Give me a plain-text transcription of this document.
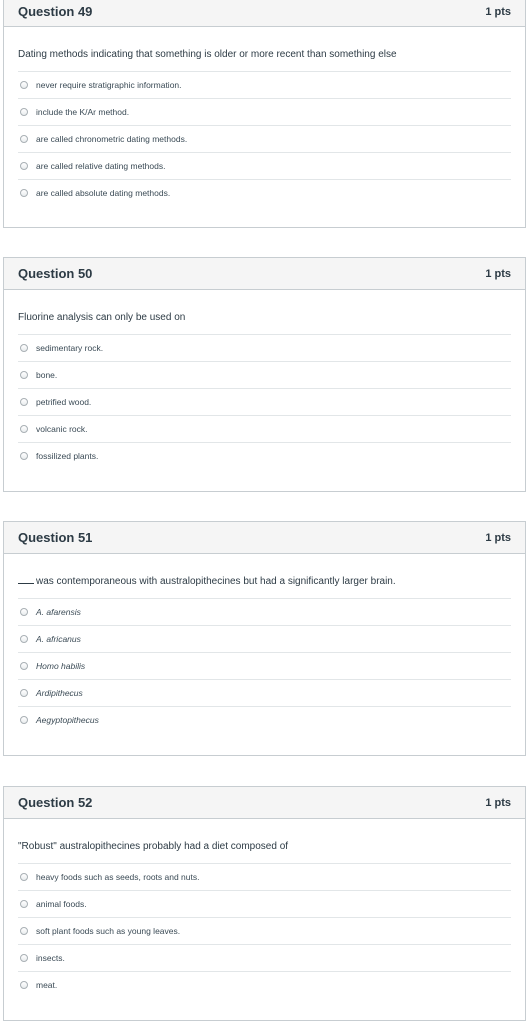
Question 49	1 pts
Dating methods indicating that something is older or more recent than something else
never require stratigraphic information.
include the K/Ar method.
are called chronometric dating methods.
are called relative dating methods.
are called absolute dating methods.
Question 50	1 pts
Fluorine analysis can only be used on
sedimentary rock.
bone.
petrified wood.
volcanic rock.
fossilized plants.
Question 51	1 pts
was contemporaneous with australopithecines but had a significantly larger brain.
A. afarensis
A. africanus
Homo habilis
Ardipithecus
Aegyptopithecus
Question 52	1 pts
"Robust" australopithecines probably had a diet composed of
heavy foods such as seeds, roots and nuts.
animal foods.
soft plant foods such as young leaves.
insects.
meat.
